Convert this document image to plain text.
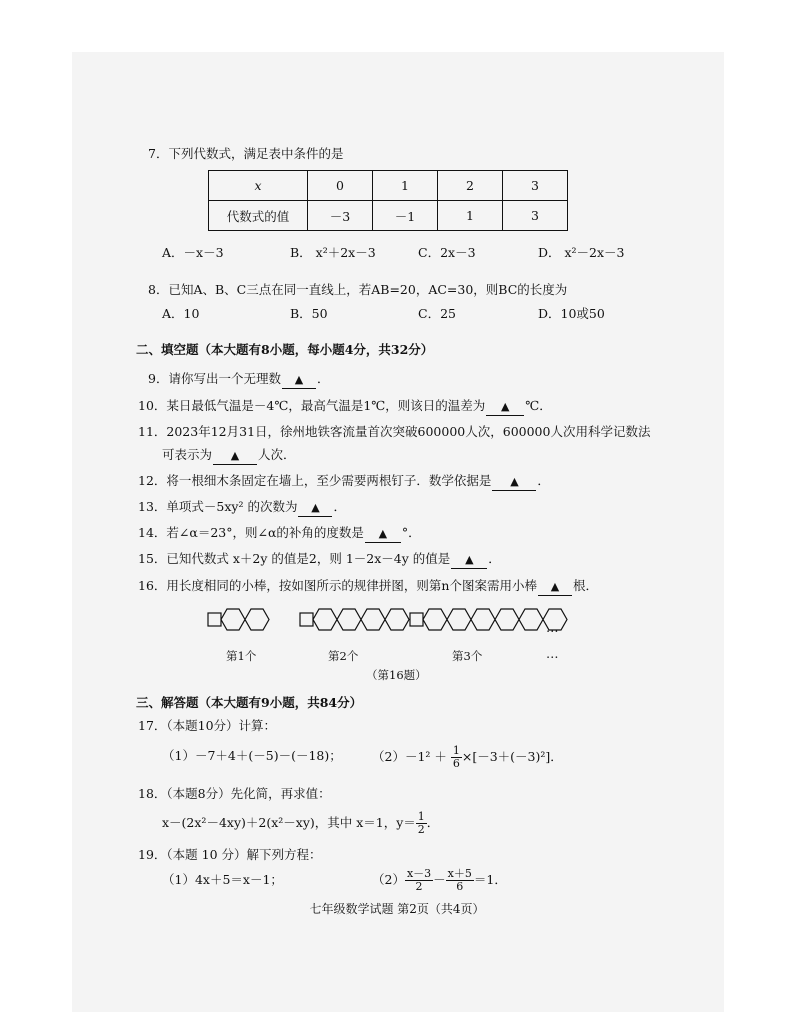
7．下列代数式，满足表中条件的是
x	0	1	2	3
代数式的值	－3	－1	1	3
A．－x－3	B． x²＋2x－3	C．2x－3	D． x²－2x－3
8．已知A、B、C三点在同一直线上，若AB=20，AC=30，则BC的长度为
A．10	B．50	C．25	D．10或50
二、填空题（本大题有8小题，每小题4分，共32分）
9．请你写出一个无理数 ▲ ．
10．某日最低气温是－4℃，最高气温是1℃，则该日的温差为 ▲ ℃．
11．2023年12月31日，徐州地铁客流量首次突破600000人次，600000人次用科学记数法
可表示为 ▲ 人次．
12．将一根细木条固定在墙上，至少需要两根钉子．数学依据是 ▲ ．
13．单项式－5xy² 的次数为 ▲ ．
14．若∠α＝23°，则∠α的补角的度数是 ▲ °．
15．已知代数式 x＋2y 的值是2，则 1－2x－4y 的值是 ▲ ．
16．用长度相同的小棒，按如图所示的规律拼图，则第n个图案需用小棒 ▲ 根．
…
第1个	第2个	第3个	…
（第16题）
三、解答题（本大题有9小题，共84分）
17．（本题10分）计算：
（1）－7＋4＋(－5)－(－18)； $(2)-1^2 + \frac{1}{6} \times[-3+(-3)^2]$．
18．（本题8分）先化简，再求值：
x－(2x²－4xy)＋2(x²－xy)，其中 x＝1，$y= \frac{1}{2}$ ．
19．（本题 10 分）解下列方程：
（1）4x＋5＝x－1；	$(2) \frac{x-3}{2} - \frac{x+5}{6} =1$．
七年级数学试题 第2页（共4页）
